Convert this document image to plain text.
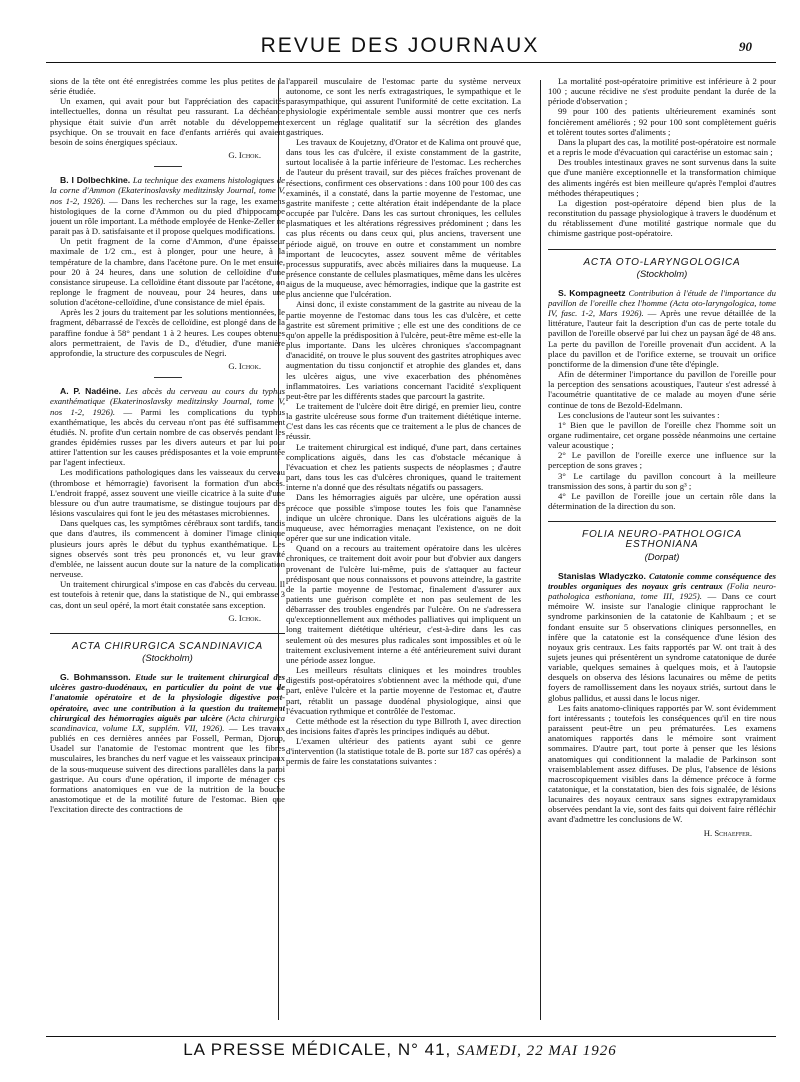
REVUE DES JOURNAUX	90

sions de la tête ont été enregistrées comme les plus petites de la série étudiée.

Un examen, qui avait pour but l'appréciation des capacités intellectuelles, donna un résultat peu rassurant. La déchéance physique était suivie d'un arrêt notable du développement psychique. On se trouvait en face d'enfants arriérés qui avaient besoin de soins énergiques spéciaux.

G. Ichok.

B. I Dolbechkine. La technique des examens histologiques de la corne d'Ammon (Ekaterinoslavsky meditzinsky Journal, tome V, nos 1-2, 1926). — Dans les recherches sur la rage, les examens histologiques de la corne d'Ammon ou du pied d'hippocampe jouent un rôle important. La méthode employée de Henke-Zeller ne parait pas à D. satisfaisante et il propose quelques modifications.

Un petit fragment de la corne d'Ammon, d'une épaisseur maximale de 1/2 cm., est à plonger, pour une heure, à la température de la chambre, dans l'acétone pure. On le met ensuite, pour 20 à 24 heures, dans une solution de celloïdine d'une consistance sirupeuse. La celloïdine étant dissoute par l'acétone, on replonge le fragment de nouveau, pour 24 heures, dans une solution d'acétone-celloïdine, d'une consistance de miel épais.

Après les 2 jours du traitement par les solutions mentionnées, le fragment, débarrassé de l'excès de celloïdine, est plongé dans de la paraffine fondue à 58° pendant 1 à 2 heures. Les coupes obtenues alors permettraient, de l'avis de D., d'étudier, d'une manière approfondie, la structure des corpuscules de Negri.

G. Ichok.

A. P. Nadéine. Les abcès du cerveau au cours du typhus exanthématique (Ekaterinoslavsky meditzinsky Journal, tome V, nos 1-2, 1926). — Parmi les complications du typhus exanthématique, les abcès du cerveau n'ont pas été suffisamment étudiés. N. profite d'un certain nombre de cas observés pendant les grandes épidémies russes par les divers auteurs et par lui pour attirer l'attention sur les causes prédisposantes et la voie empruntée par l'agent infectieux.

Les modifications pathologiques dans les vaisseaux du cerveau (thrombose et hémorragie) favorisent la formation d'un abcès. L'endroit frappé, assez souvent une vieille cicatrice à la suite d'une blessure ou d'un autre traumatisme, se distingue toujours par des lésions vasculaires qui font le jeu des métastases microbiennes.

Dans quelques cas, les symptômes cérébraux sont tardifs, tandis que dans d'autres, ils commencent à dominer l'image clinique plusieurs jours après le début du typhus exanthématique. Les signes observés sont très peu prononcés et, vu leur gravité d'emblée, ne laissent aucun doute sur la nature de la complication nerveuse.

Un traitement chirurgical s'impose en cas d'abcès du cerveau. Il est toutefois à retenir que, dans la statistique de N., qui embrasse 3 cas, dont un seul opéré, la mort était constatée sans exception.

G. Ichok.
ACTA CHIRURGICA SCANDINAVICA
(Stockholm)

G. Bohmansson. Etude sur le traitement chirurgical des ulcères gastro-duodénaux, en particulier du point de vue de l'anatomie opératoire et de la physiologie digestive post-opératoire, avec une contribution à la question du traitement chirurgical des hémorragies aiguës par ulcère (Acta chirurgica scandinavica, volume LX, supplém. VII, 1926). — Les travaux publiés en ces dernières années par Fossell, Perman, Djorup, Usadel sur l'anatomie de l'estomac montrent que les fibres musculaires, les branches du nerf vague et les vaisseaux principaux de la sous-muqueuse suivent des directions parallèles dans la paroi gastrique. Au cours d'une opération, il importe de ménager ces formations anatomiques en vue de la nutrition de la bouche anastomotique et de la motilité future de l'estomac. Bien que l'excitation directe des contractions de

l'appareil musculaire de l'estomac parte du système nerveux autonome, ce sont les nerfs extragastriques, le sympathique et le parasympathique, qui assurent l'uniformité de cette excitation. La physiologie expérimentale semble aussi montrer que ces nerfs exercent un réglage qualitatif sur la sécrétion des glandes gastriques.

Les travaux de Koujetzny, d'Orator et de Kalima ont prouvé que, dans tous les cas d'ulcère, il existe constamment de la gastrite, surtout localisée à la partie inférieure de l'estomac. Les recherches de l'auteur du présent travail, sur des pièces fraîches provenant de résections, confirment ces observations : dans 100 pour 100 des cas examinés, il a constaté, dans la partie moyenne de l'estomac, une gastrite manifeste ; cette altération était indépendante de la place occupée par l'ulcère. Dans les cas surtout chroniques, les cellules plasmatiques et les altérations régressives prédominent ; dans les cas plus récents ou dans ceux qui, plus anciens, traversent une période aiguë, on trouve en outre et constamment un nombre important de leucocytes, assez souvent même de véritables processus suppuratifs, avec abcès miliaires dans la muqueuse. La présence constante de cellules plasmatiques, même dans les ulcères aigus de la muqueuse, avec hémorragies, indique que la gastrite est plus ancienne que l'ulcération.

Ainsi donc, il existe constamment de la gastrite au niveau de la partie moyenne de l'estomac dans tous les cas d'ulcère, et cette gastrite est sûrement primitive ; elle est une des conditions de ce qu'on appelle la prédisposition à l'ulcère, peut-être même est-elle la plus importante. Dans les ulcères chroniques s'accompagnant d'anacidité, on trouve le plus souvent des gastrites atrophiques avec augmentation du tissu conjonctif et atrophie des glandes et, dans les ulcères aigus, une vive exacerbation des phénomènes inflammatoires. Les variations concernant l'acidité s'expliquent peut-être par les différents stades que parcourt la gastrite.

Le traitement de l'ulcère doit être dirigé, en premier lieu, contre la gastrite ulcéreuse sous forme d'un traitement diététique interne. C'est dans les cas récents que ce traitement a le plus de chances de réussir.

Le traitement chirurgical est indiqué, d'une part, dans certaines complications aiguës, dans les cas d'obstacle mécanique à l'évacuation et chez les patients suspects de néoplasmes ; d'autre part, dans tous les cas d'ulcères chroniques, quand le traitement interne n'a donné que des résultats négatifs ou passagers.

Dans les hémorragies aiguës par ulcère, une opération aussi précoce que possible s'impose toutes les fois que l'anamnèse indique un ulcère chronique. Dans les ulcérations aiguës de la muqueuse, avec hémorragies menaçant l'existence, on ne doit opérer que sur une indication vitale.

Quand on a recours au traitement opératoire dans les ulcères chroniques, ce traitement doit avoir pour but d'obvier aux dangers provenant de l'ulcère lui-même, puis de s'attaquer au facteur prédisposant que nous connaissons et pouvons atteindre, la gastrite de la partie moyenne de l'estomac, finalement d'assurer aux patients une guérison complète et non pas seulement de les débarrasser des troubles engendrés par l'ulcère. On ne s'adressera qu'exceptionnellement aux méthodes palliatives qui impliquent un long traitement diététique ultérieur, c'est-à-dire dans les cas seulement où des mesures plus radicales sont impossibles et où le traitement exclusivement interne a été antérieurement suivi durant une période assez longue.

Les meilleurs résultats cliniques et les moindres troubles digestifs post-opératoires s'obtiennent avec la méthode qui, d'une part, enlève l'ulcère et la partie moyenne de l'estomac et, d'autre part, rétablit un passage duodénal physiologique, ainsi que l'évacuation rythmique et contrôlée de l'estomac.

Cette méthode est la résection du type Billroth I, avec direction des incisions faites d'après les principes indiqués au début.

L'examen ultérieur des patients ayant subi ce genre d'intervention (la statistique totale de B. porte sur 187 cas opérés) a permis de faire les constatations suivantes :

La mortalité post-opératoire primitive est inférieure à 2 pour 100 ; aucune récidive ne s'est produite pendant la durée de la période d'observation ;

99 pour 100 des patients ultérieurement examinés sont foncièrement améliorés ; 92 pour 100 sont complètement guéris et tolèrent toutes sortes d'aliments ;

Dans la plupart des cas, la motilité post-opératoire est normale et a repris le mode d'évacuation qui caractérise un estomac sain ;

Des troubles intestinaux graves ne sont survenus dans la suite que d'une manière exceptionnelle et la transformation chimique des aliments ingérés est bien meilleure qu'après l'emploi d'autres méthodes thérapeutiques ;

La digestion post-opératoire dépend bien plus de la reconstitution du passage physiologique à travers le duodénum et du rétablissement d'une motilité gastrique normale que du chimisme gastrique post-opératoire.

ACTA OTO-LARYNGOLOGICA
(Stockholm)

S. Kompagneetz Contribution à l'étude de l'importance du pavillon de l'oreille chez l'homme (Acta oto-laryngologica, tome IV, fasc. 1-2, Mars 1926). — Après une revue détaillée de la littérature, l'auteur fait la description d'un cas de perte totale du pavillon de l'oreille observé par lui chez un paysan âgé de 48 ans. La perte du pavillon de l'oreille provenait d'un accident. A la place du pavillon et de l'orifice externe, se trouvait un orifice ponctiforme de la dimension d'une tête d'épingle.

Afin de déterminer l'importance du pavillon de l'oreille pour la perception des sensations acoustiques, l'auteur s'est adressé à l'acoumétrie quantitative de ce malade au moyen d'une série continue de tons de Bezold-Edelmann.

Les conclusions de l'auteur sont les suivantes :

1° Bien que le pavillon de l'oreille chez l'homme soit un organe rudimentaire, cet organe possède néanmoins une certaine valeur acoustique ;

2° Le pavillon de l'oreille exerce une influence sur la perception de sons graves ;

3° Le cartilage du pavillon concourt à la meilleure transmission des sons, à partir du son g³ ;

4° Le pavillon de l'oreille joue un certain rôle dans la détermination de la direction du son.

FOLIA NEURO-PATHOLOGICA ESTHONIANA
(Dorpat)

Stanislas Wladyczko. Catatonie comme conséquence des troubles organiques des noyaux gris centraux (Folia neuro-pathologica esthoniana, tome III, 1925). — Dans ce court mémoire W. insiste sur l'analogie clinique rapprochant le syndrome parkinsonien de la catatonie de Kahlbaum ; et se fondant ensuite sur 5 observations cliniques personnelles, en infère que la catatonie est la conséquence d'une lésion des noyaux gris centraux. Les faits rapportés par W. ont trait à des sujets jeunes qui présentèrent un syndrome catatonique de durée variable, quelques semaines à quelques mois, et à l'autopsie desquels on observa des lésions lacunaires ou même de petits foyers de ramollissement dans les noyaux striés, surtout dans le globus pallidus, et aussi dans le locus niger.

Les faits anatomo-cliniques rapportés par W. sont évidemment fort intéressants ; toutefois les conséquences qu'il en tire nous paraissent peut-être un peu prématurées. Les examens anatomiques rapportés dans le mémoire sont vraiment sommaires. D'autre part, tout porte à penser que les lésions anatomiques qui conditionnent la maladie de Parkinson sont vraisemblablement assez diffuses. De plus, l'absence de lésions macroscopiquement visibles dans la démence précoce à forme catatonique, et la constatation, bien des fois signalée, de lésions lacunaires des noyaux centraux sans signes extrapyramidaux observées pendant la vie, sont des faits qui doivent faire réfléchir avant d'admettre les conclusions de W.

H. Schaeffer.
LA PRESSE MÉDICALE, N° 41, SAMEDI, 22 MAI 1926
